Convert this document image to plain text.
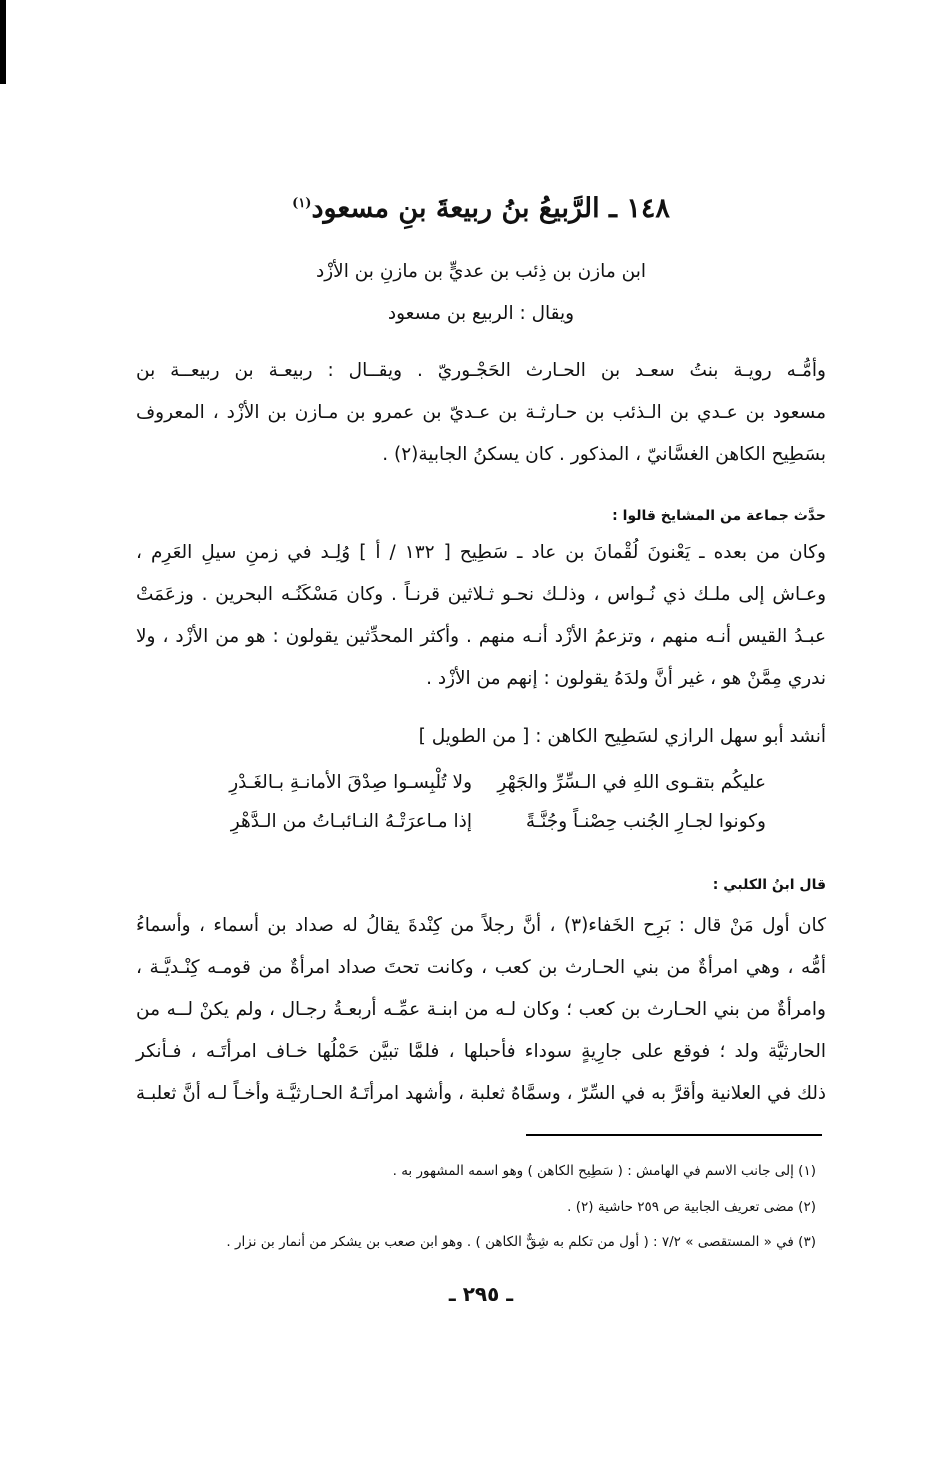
١٤٨ ـ الرَّبيعُ بنُ ربيعةَ بنِ مسعود$^{(١)}$
ابن مازن بن ذِئب بن عديٍّ بن مازنِ بن الأزْد
ويقال : الربيع بن مسعود
وأمُّـه رويـة بنتُ سعـد بن الحـارث الحَجْـوريّ . ويقــال : ربيعـة بن ربيعــة بن
مسعود بن عـدي بن الـذئب بن حـارثـة بن عـديّ بن عمرو بن مـازن بن الأزْد ، المعروف
بسَطِيح الكاهن الغسَّانيّ ، المذكور . كان يسكنُ الجابية(٢) .
حدَّث جماعة من المشايخ قالوا :
وكان من بعده ـ يَعْنونَ لُقْمانَ بن عاد ـ سَطِيح [ ١٣٢ / أ ] وُلِـد في زمنِ سيلِ العَرِم ،
وعـاش إلى ملـك ذي نُـواس ، وذلـك نحـو ثـلاثين قرنـاً . وكان مَسْكَنُـه البحرين . وزعَمَتْ
عبـدُ القيس أنـه منهم ، وتزعمُ الأزْد أنـه منهم . وأكثر المحدِّثين يقولون : هو من الأزْد ، ولا
ندري مِمَّنْ هو ، غير أنَّ ولدَهُ يقولون : إنهم من الأزْد .
أنشد أبو سهل الرازي لسَطِيح الكاهن : [ من الطويل ]
عليكُم بتقـوى اللهِ في الـسِّرِّ والجَهْرِ
ولا تُلْبِسـوا صِدْقَ الأمانـةِ بـالغَـدْرِ
وكونوا لجـارِ الجُنب حِصْنـاً وجُنَّـةً
إذا مـاعرَتْـهُ النـائبـاتُ من الـدَّهْرِ
قال ابنُ الكلبي :
كان أول مَنْ قال : بَرِح الخَفاء(٣) ، أنَّ رجلاً من كِنْدةَ يقالُ له صداد بن أسماء ، وأسماءُ
أمُّه ، وهي امرأةٌ من بني الحـارث بن كعب ، وكانت تحتَ صداد امرأةٌ من قومـه كِنْـديَّـة ،
وامرأةٌ من بني الحـارث بن كعب ؛ وكان لـه من ابنـة عمِّـه أربعـةُ رجـال ، ولم يكنْ لــه من
الحارثيَّة ولد ؛ فوقع على جارِيةٍ سوداء فأحبلها ، فلمَّا تبيَّن حَمْلُها خـاف امرأتَـه ، فـأنكر
ذلك في العلانية وأقرَّ به في السِّرّ ، وسمَّاهُ ثعلبة ، وأشهد امرأتَـهُ الحـارثيَّـة وأخـاً لـه أنَّ ثعلبـة
(١) إلى جانب الاسم في الهامش : ( سَطِيح الكاهن ) وهو اسمه المشهور به .
(٢) مضى تعريف الجابية ص ٢٥٩ حاشية (٢) .
(٣) في « المستقصى » ٧/٢ : ( أول من تكلم به شِقٌّ الكاهن ) . وهو ابن صعب بن يشكر من أنمار بن نزار .
ـ ٢٩٥ ـ
